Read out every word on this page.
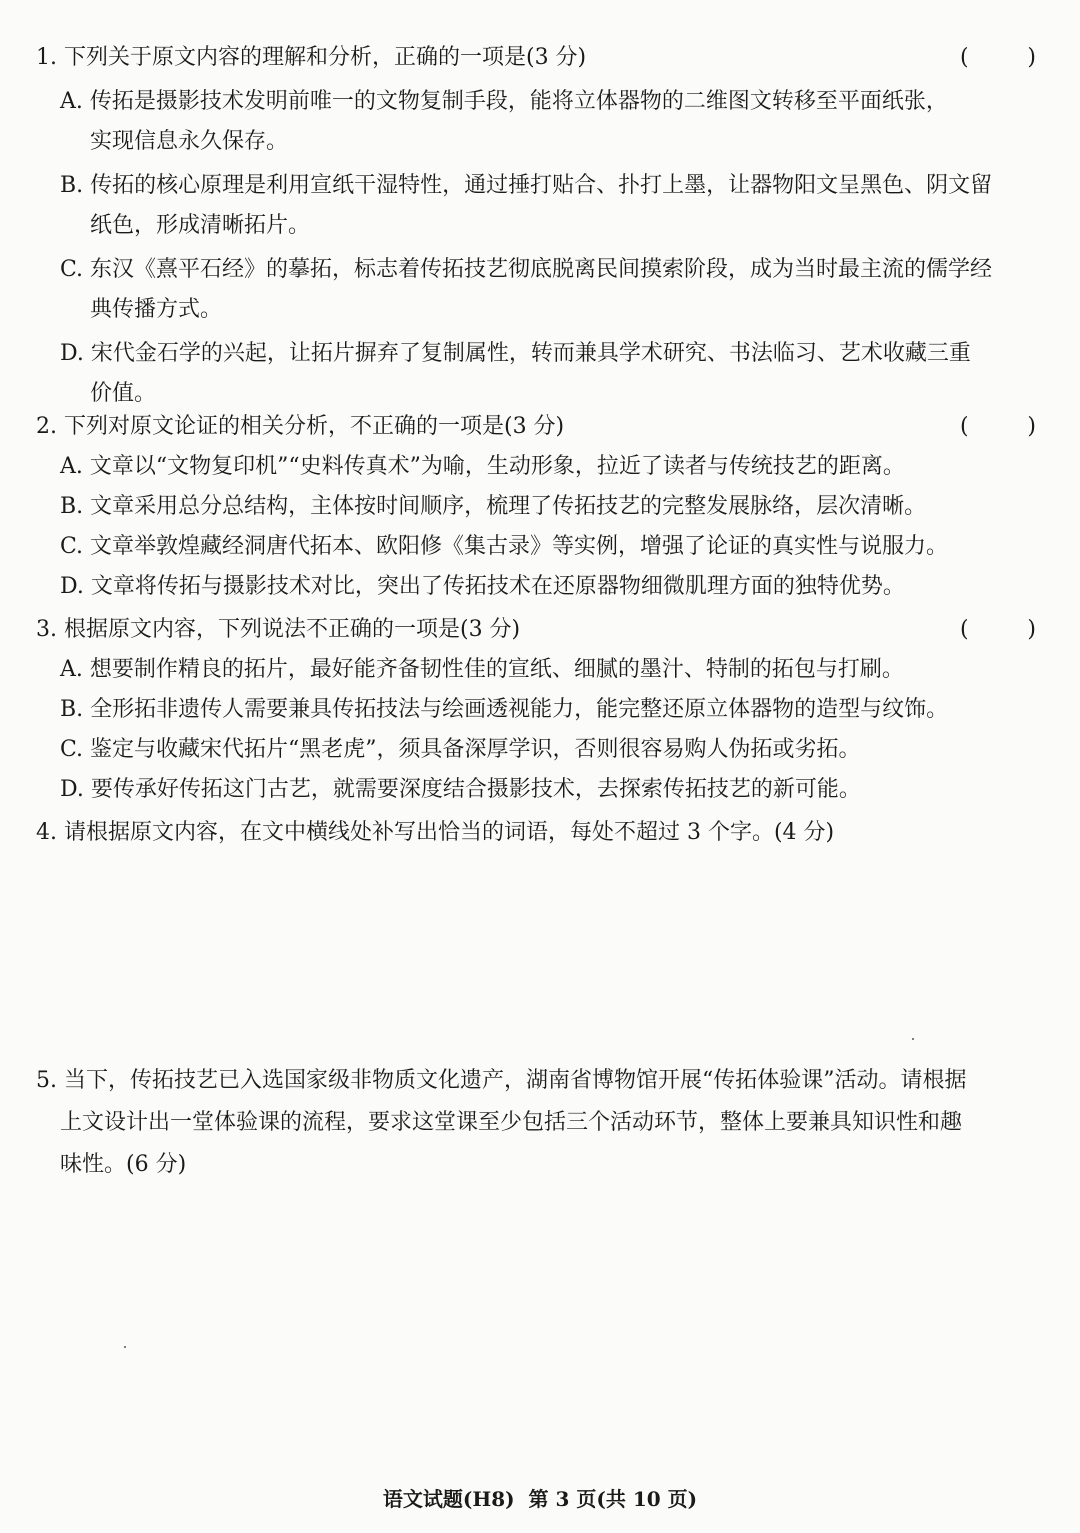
1. 下列关于原文内容的理解和分析，正确的一项是(3 分)	(	)
A. 传拓是摄影技术发明前唯一的文物复制手段，能将立体器物的二维图文转移至平面纸张，
实现信息永久保存。
B. 传拓的核心原理是利用宣纸干湿特性，通过捶打贴合、扑打上墨，让器物阳文呈黑色、阴文留
纸色，形成清晰拓片。
C. 东汉《熹平石经》的摹拓，标志着传拓技艺彻底脱离民间摸索阶段，成为当时最主流的儒学经
典传播方式。
D. 宋代金石学的兴起，让拓片摒弃了复制属性，转而兼具学术研究、书法临习、艺术收藏三重
价值。
2. 下列对原文论证的相关分析，不正确的一项是(3 分)	(	)
A. 文章以“文物复印机”“史料传真术”为喻，生动形象，拉近了读者与传统技艺的距离。
B. 文章采用总分总结构，主体按时间顺序，梳理了传拓技艺的完整发展脉络，层次清晰。
C. 文章举敦煌藏经洞唐代拓本、欧阳修《集古录》等实例，增强了论证的真实性与说服力。
D. 文章将传拓与摄影技术对比，突出了传拓技术在还原器物细微肌理方面的独特优势。
3. 根据原文内容，下列说法不正确的一项是(3 分)	(	)
A. 想要制作精良的拓片，最好能齐备韧性佳的宣纸、细腻的墨汁、特制的拓包与打刷。
B. 全形拓非遗传人需要兼具传拓技法与绘画透视能力，能完整还原立体器物的造型与纹饰。
C. 鉴定与收藏宋代拓片“黑老虎”，须具备深厚学识，否则很容易购人伪拓或劣拓。
D. 要传承好传拓这门古艺，就需要深度结合摄影技术，去探索传拓技艺的新可能。
4. 请根据原文内容，在文中横线处补写出恰当的词语，每处不超过 3 个字。(4 分)
5. 当下，传拓技艺已入选国家级非物质文化遗产，湖南省博物馆开展“传拓体验课”活动。请根据
上文设计出一堂体验课的流程，要求这堂课至少包括三个活动环节，整体上要兼具知识性和趣
味性。(6 分)
语文试题(H8)  第 3 页(共 10 页)
